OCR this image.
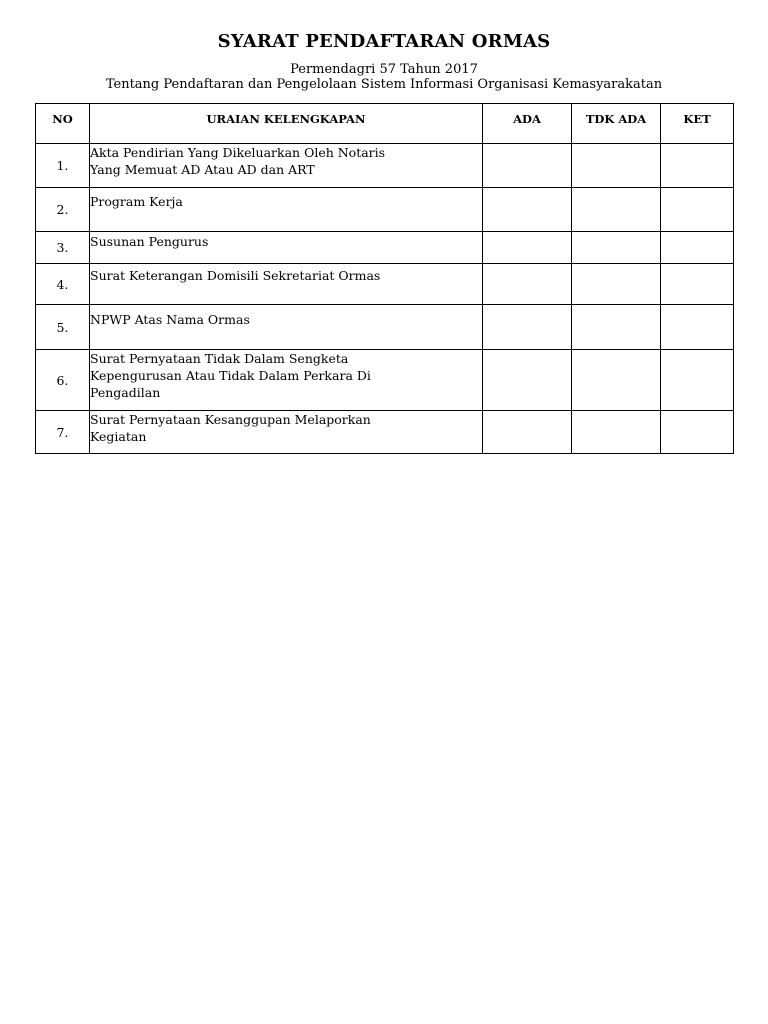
SYARAT PENDAFTARAN ORMAS
Permendagri 57 Tahun 2017
Tentang Pendaftaran dan Pengelolaan Sistem Informasi Organisasi Kemasyarakatan
NO	URAIAN KELENGKAPAN	ADA	TDK ADA	KET
1.	Akta Pendirian Yang Dikeluarkan Oleh Notaris
Yang Memuat AD Atau AD dan ART			

2.	Program Kerja			

3.	Susunan Pengurus			

4.	Surat Keterangan Domisili Sekretariat Ormas			

5.	NPWP Atas Nama Ormas			

6.	Surat Pernyataan Tidak Dalam Sengketa
Kepengurusan Atau Tidak Dalam Perkara Di
Pengadilan			

7.	Surat Pernyataan Kesanggupan Melaporkan
Kegiatan			
